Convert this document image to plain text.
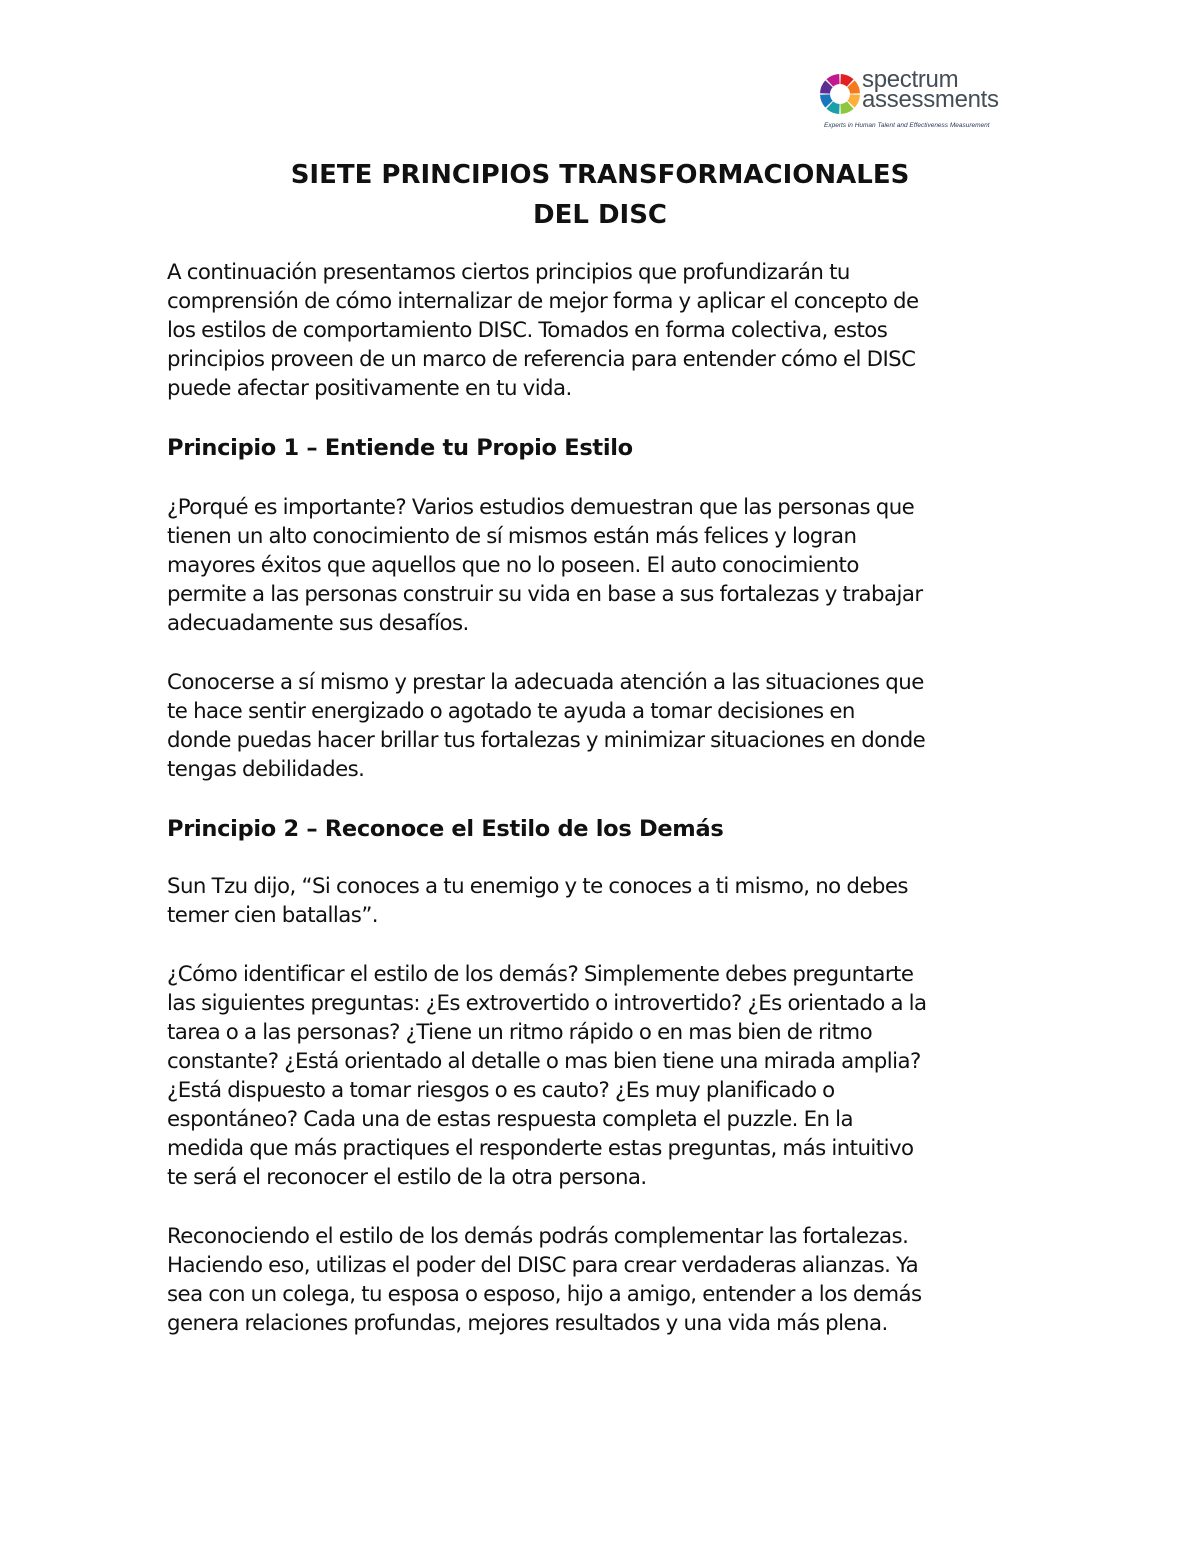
spectrum
assessments
Experts in Human Talent and Effectiveness Measurement
SIETE PRINCIPIOS TRANSFORMACIONALES
DEL DISC

A continuación presentamos ciertos principios que profundizarán tu
comprensión de cómo internalizar de mejor forma y aplicar el concepto de
los estilos de comportamiento DISC. Tomados en forma colectiva, estos
principios proveen de un marco de referencia para entender cómo el DISC
puede afectar positivamente en tu vida.

Principio 1 – Entiende tu Propio Estilo

¿Porqué es importante? Varios estudios demuestran que las personas que
tienen un alto conocimiento de sí mismos están más felices y logran
mayores éxitos que aquellos que no lo poseen. El auto conocimiento
permite a las personas construir su vida en base a sus fortalezas y trabajar
adecuadamente sus desafíos.

Conocerse a sí mismo y prestar la adecuada atención a las situaciones que
te hace sentir energizado o agotado te ayuda a tomar decisiones en
donde puedas hacer brillar tus fortalezas y minimizar situaciones en donde
tengas debilidades.

Principio 2 – Reconoce el Estilo de los Demás

Sun Tzu dijo, “Si conoces a tu enemigo y te conoces a ti mismo, no debes
temer cien batallas”.

¿Cómo identificar el estilo de los demás? Simplemente debes preguntarte
las siguientes preguntas: ¿Es extrovertido o introvertido? ¿Es orientado a la
tarea o a las personas? ¿Tiene un ritmo rápido o en mas bien de ritmo
constante? ¿Está orientado al detalle o mas bien tiene una mirada amplia?
¿Está dispuesto a tomar riesgos o es cauto? ¿Es muy planificado o
espontáneo? Cada una de estas respuesta completa el puzzle. En la
medida que más practiques el responderte estas preguntas, más intuitivo
te será el reconocer el estilo de la otra persona.

Reconociendo el estilo de los demás podrás complementar las fortalezas.
Haciendo eso, utilizas el poder del DISC para crear verdaderas alianzas. Ya
sea con un colega, tu esposa o esposo, hijo a amigo, entender a los demás
genera relaciones profundas, mejores resultados y una vida más plena.
